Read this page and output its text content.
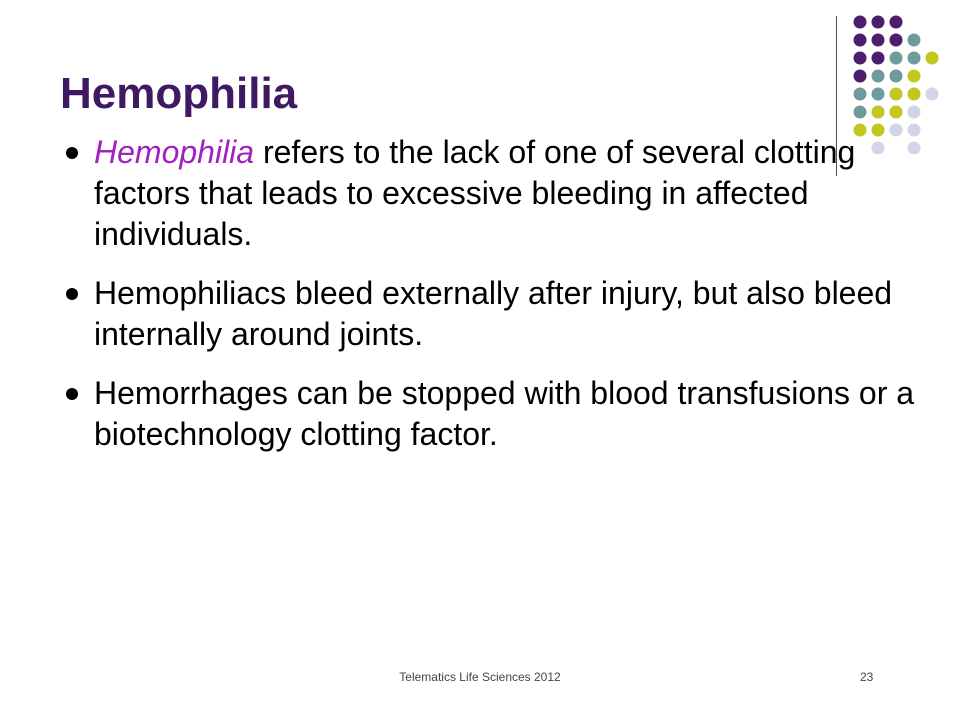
Hemophilia
Hemophilia refers to the lack of one of several clotting factors that leads to excessive bleeding in affected individuals.
Hemophiliacs bleed externally after injury, but also bleed internally around joints.
Hemorrhages can be stopped with blood transfusions or a biotechnology clotting factor.
Telematics Life Sciences 2012	23
